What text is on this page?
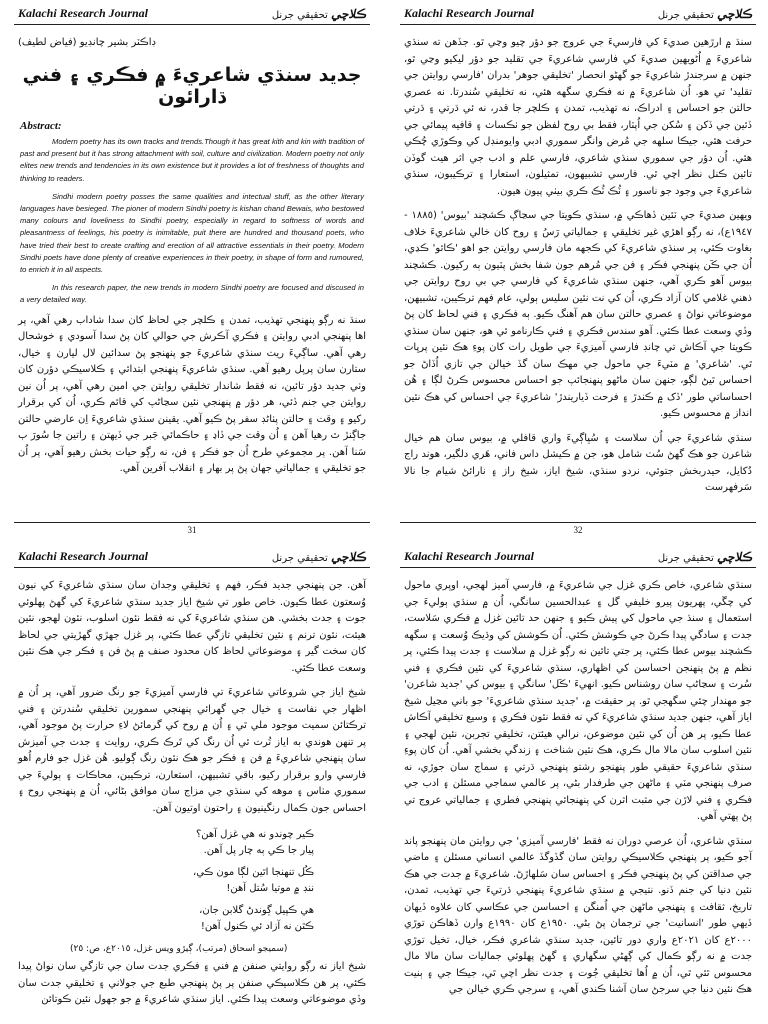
Kalachi Research Journal	ڪلاچي تحقيقي جرنل
ڊاڪٽر بشير چانڊيو (فياض لطيف)
جديد سنڌي شاعريءَ ۾ فڪري ۽ فني ڌارائون
Abstract:

Modern poetry has its own tracks and trends.Though it has great kith and kin with tradition of past and present but it has strong attachment with soil, culture and civilization. Modern poetry not only elites new trends and tendencies in its own existence but it provides a lot of freshness of thoughts and thinking to readers.

Sindhi modern poetry posses the same qualities and intectual stuff, as the other literary languages have besieged. The pioner of modern Sindhi poetry is kishan chand Bewais, who bestowed many colours and loveliness to Sindhi poetry, especially in regard to softness of words and pleasantness of feelings, his poetry is inimitable, puit there are hundred and thousand poets, who have tried their best to create crafting and erection of all attractive essentials in their poetry. Modern Sindhi poets have done plenty of creative experiences in their poetry, in shape of form and rumoured, to enrich it in all aspects.

In this research paper, the new trends in modern Sindhi poetry are focused and discused in a very detailed way.

سنڌ نه رڳو پنهنجي تهذيب، تمدن ۽ ڪلچر جي لحاظ کان سدا شاداب رهي آهي، پر اها پنهنجي ادبي روايتن ۽ فڪري آڪرش جي حوالي کان پڻ سدا آسودي ۽ خوشحال رهي آهي. ساڳيءَ ريت سنڌي شاعريءَ جو پنهنجو پڻ سدائين لال ليارن ۽ خيال، ستارن سان پرپل رهيو آهي. سنڌي شاعريءَ پنهنجي ابتدائي ۽ ڪلاسيڪي دؤرن کان وٺي جديد دؤر تائين، نه فقط شاندار تخليقي روايتن جي امين رهي آهي، پر اُن نين روايتن جي جنم ڏئي، هر دؤر ۾ پنهنجي نئين سڃاڻپ کي قائم ڪري، اُن کي برقرار رکيو ۽ وقت ۽ حالتن پٺاڻڊ سفر پڻ ڪيو آهي. يقينن سنڌي شاعريءَ اِن عارضي حالتن جاڳنڙ ٿ رهيا آهن ۽ اُن وقت جي ڏاڍ ۽ حاڪمائي جَبر جي ڏيهتن ۽ راتين جا سُورَ ٻ سَنا آهن. پر مجموعي طرح اُن جو فڪر ۽ فن، نه رڳو حيات بخش رهيو آهي، پر اُن جو تخليقي ۽ جمالياتي جهان پڻ پر بهار ۽ انقلاب آفرين آهي.

31
Kalachi Research Journal	ڪلاچي تحقيقي جرنل

سنڌ ۾ ارڙهين صديءَ کي فارسيءَ جي عروج جو دؤر چيو وڃي ٿو. جڏهن ته سنڌي شاعريءَ ۾ اُڻويهين صديءَ کي فارسي شاعريءَ جي تقليد جو دؤر ليکيو وڃي ٿو، جنهن ۾ سرجندڙ شاعريءَ جو گهڻو انحصار 'تخليقي جوهر' بدران 'فارسي روايتن جي تقليد' تي هو. اُن شاعريءَ ۾ نه فڪري سگهه هئي، نه تخليقي سُندرتا. نه عصري حالتن جو احساس ۽ ادراڪ، نه تهذيب، تمدن ۽ ڪلچر جا قدر، نه ئي ڌرتي ۽ ڌرتي ڏئين جي ڏکن ۽ سُکن جي اُپٽار، فقط بي روح لفظن جو ٺڪساٺ ۽ قافيه پيمائي جي حرفت هئي، جيڪا سلهه جي مُرض وانگر سموري ادبي وايومنڊل کي وڪوڙي چُڪي هئي. اُن دؤر جي سموري سنڌي شاعري، فارسي علم و ادب جي اثر هيٺ گوڏن تائين ڪنل نظر اچي ٿي. فارسي تشبيهون، تمثيلون، استعارا ۽ ترڪيبون، سنڌي شاعريءَ جي وجود جو ناسور ۽ ٽُڪ ٽُڪ ڪري بيٺي پيون هيون.

ويهين صديءَ جي ٽئين ڏهاڪي ۾، سنڌي ڪويتا جي سڃاڳ ڪشچند 'بيوس' (١٨٨٥ - ١٩٤٧ع)، نه رڳو اهڙي غير تخليقي ۽ جمالياتي رَسُ ۽ روح کان خالي شاعريءَ خلاف بغاوت ڪئي، پر سنڌي شاعريءَ کي ڪجهه مان فارسي روايتن جو اهو 'ڪائو' ڪڍي، اُن جي ڪَن پنهنجي فڪر ۽ فن جي مُرهم جون شفا بخش پٽيون ٻه رکيون. ڪشچند بيوس آهو ڪري آهي، جنهن سنڌي شاعريءَ کي فارسي جي بي روح روايتن جي ذهني غلامي کان آزاد ڪري، اُن کي نت نئين سليس ٻولي، عام فهم ترڪيبن، تشبيهن، موضوعاتي نواڻ ۽ عصري حالتن سان هم آهنگ ڪيو. ٻه فڪري ۽ فني لحاظ کان پڻ وڏي وسعت عطا ڪئي. آهو سندس فڪري ۽ فني ڪارنامو ئي هو، جنهن سان سنڌي ڪويتا جي آڪاش تي چانڊ فارسي آميزيءَ جي طويل رات کان پوءِ هڪ نئين پرڀات ٿي. 'شاعري' ۾ مٽيءَ جي ماحول جي مهڪ سان گڏ خيالن جي تازي اُڏاڻ جو احساس ٿيڻ لڳو، جنهن سان ماڻهو پنهنجائپ جو احساس محسوس ڪرڻ لڳا ۽ هُن احساساتي طور 'ڏک ۾ ڪندڙ ۽ فرحت ڏياريندڙ' شاعريءَ جي احساس کي هڪ نئين انداز ۾ محسوس ڪيو.

سنڌي شاعريءَ جي اُن سلاست ۽ سُڀاڳيءَ واري قافلي ۾، بيوس سان هم خيال شاعرن جو هڪ گهڻ سُٺ شامل هو، جن ۾ ڪيشل داس فاني، هَري دلگير، هوند راج دُکايل، حيدربخش جتوئي، نردو سنڌي، شيخ اياز، شيخ راز ۽ نارائڻ شيام جا نالا سَرفهرست

32
Kalachi Research Journal	ڪلاچي تحقيقي جرنل

آهن. جن پنهنجي جديد فڪر، فهم ۽ تخليقي وجدان سان سنڌي شاعريءَ کي نيون وُسعتون عطا ڪيون. خاص طور تي شيخ اياز جديد سنڌي شاعريءَ کي گهڻ پهلوئي جوت ۽ جدت بخشي. هن سنڌي شاعريءَ کي نه فقط نئون اسلوب، نئون لهجو، نئين هيئت، نئون ترنم ۽ نئين تخليقي تازگي عطا ڪئي، پر غزل جهڙي گهڙيتي جي لحاظ کان سخت گير ۽ موضوعاتي لحاظ کان محدود صنف ۾ پڻ فن ۽ فڪر جي هڪ نئين وسعت عطا ڪئي.

شيخ اياز جي شروعاتي شاعريءَ تي فارسي آميزيءَ جو رنگ ضرور آهي، پر اُن ۾ اظهار جي نفاست ۽ خيال جي گهرائي پنهنجي سمورين تخليقي سُندرتن ۽ فني ترڪتائن سميت موجود ملي ٿي ۽ اُن ۾ روح کي گرمائڻ لاءِ حرارت پڻ موجود آهي، پر تنهن هوندي به اياز تُرت ئي اُن رنگ کي تَرڪ ڪري، روايت ۽ جدت جي آميزش سان پنهنجي شاعريءَ ۾ فن ۽ فڪر جو هڪ نئون رنگ ڳوليو. هُن غزل جو فارم اُهو فارسي وارو برقرار رکيو، باقي تشبيهن، استعارن، ترڪيبن، محاڪات ۽ ٻوليءَ جي سموري مٺاس ۽ موهه کي سنڌي جي مزاج سان موافق بڻائي، اُن ۾ پنهنجي روح ۽ احساس جون ڪمال رنگينيون ۽ راحتون اوتيون آهن.

ڪير چوندو نه هي غزل آهن؟
پيار جا ڪي ٻه چار پل آهن.
ڪُل تنهنجا اٿين لڳا مون ڪي،
ننڊ ۾ موتيا سُتل آهن!
هي ڪپيل ڳوندڻ گلابن جان،
ڪٿن نه آزاد ئي ڪنول آهن!
(سميجو اسحاق (مرتب)، ڳيڙو ويس غزل، ٢٠١٥ع، ص: ٢٥)

شيخ اياز نه رڳو روايتي صنفن ۾ فني ۽ فڪري جدت سان جي تازگي سان نواڻ پيدا ڪئي، پر هن ڪلاسيڪي صنفن پر پڻ پنهنجي طبع جي جولاني ۽ تخليقي جدت سان وڏي موضوعاتي وسعت پيدا ڪئي. اياز سنڌي شاعريءَ ۾ جو جهول نئين ڪوتائن

Kalachi Research Journal	ڪلاچي تحقيقي جرنل

سنڌي شاعري، خاص ڪري غزل جي شاعريءَ ۾، فارسي آميز لهجي، اوپري ماحول کي چڱي، پهريون پيرو خليفي گل ۽ عبدالحسين سانگي، اُن ۾ سنڌي ٻوليءَ جي استعمال ۽ سنڌ جي ماحول کي پيش ڪيو ۽ جنهن حد تائين غزل ۾ فڪري سَلاست، جدت ۽ سادگي پيدا ڪرڻ جي ڪوشش ڪئي. اُن ڪوشش کي وڌيڪ وُسعت ۽ سگهه ڪشچند بيوس عطا ڪئي، پر جتي تائين نه رڳو غزل ۾ سلاست ۽ جدت پيدا ڪئي، پر نظم ۾ پڻ پنهنجن احساسن کي اظهاري، سنڌي شاعريءَ کي نئين فڪري ۽ فني سُرت ۽ سڃاڻپ سان روشناس ڪيو. انهيءَ 'ڪَل' سانگي ۽ بيوس کي 'جديد شاعرن' جو مهندار چئي سگهجي ٿو. پر حقيقت ۾، 'جديد سنڌي شاعريءَ' جو باني مڃيل شيخ اياز آهي، جنهن جديد سنڌي شاعريءَ کي نه فقط نئون فڪري ۽ وسيع تخليقي آڪاش عطا ڪيو، پر هن اُن کي نئين موضوعن، نرالي هيئتن، تخليقي تجربن، نئين لهجي ۽ نئين اسلوب سان مالا مال ڪري، هڪ نئين شناخت ۽ زندگي بخشي آهي. اُن کان پوءِ سنڌي شاعريءَ حقيقي طور پنهنجو رشتو پنهنجي ڌرتي ۽ سماج سان جوڙي، نه صرف پنهنجي مٽي ۽ ماڻهن جي طرفدار بڻي، پر عالمي سماجي مسئلن ۽ ادب جي فڪري ۽ فني لاڙن جي مثبت اثرن کي پنهنجائي پنهنجي فطري ۽ جمالياتي عروج تي پڻ پهتي آهي.

سنڌي شاعري، اُن عرصي دوران نه فقط 'فارسي آميزي' جي روايتن مان پنهنجو پاند آجو ڪيو، پر پنهنجي ڪلاسيڪي روايتن سان گڏوگڏ عالمي انساني مسئلن ۽ ماضي جي صداقتن کي پڻ پنهنجي فڪر ۽ احساس سان سَلهاڙڻ. شاعريءَ ۾ جدت جي هڪ نئين دنيا کي جنم ڏنو. نتيجي ۾ سنڌي شاعريءَ پنهنجي ڌرتيءَ جي تهذيب، تمدن، تاريخ، ثقافت ۽ پنهنجي ماڻهن جي اُمنگن ۽ احساسن جي عڪاسي کان علاوه ڏيهان ڏيهي طور 'انسانيت' جي ترجمان پڻ بڻي. ١٩٥٠ع کان ١٩٩٠ع وارن ڏهاڪن توڙي ٢٠٠٠ع کان ٢٠٢١ع واري دور تائين، جديد سنڌي شاعري فڪر، خيال، تخيل توڙي جدت ۾ نه رڳو ڪمال کي ڳهڻي سگهاري ۽ گهڻ پهلوئي جماليات سان مالا مال محسوس ٿئي ٿي، اُن ۾ اُها تخليقي جُوت ۽ جدت نظر اچي ٿي، جيڪا جي ۽ ٻنيت هڪ نئين دنيا جي سرجڻ سان آشنا ڪندي آهي، ۽ سرجي ڪري خيالن جي
